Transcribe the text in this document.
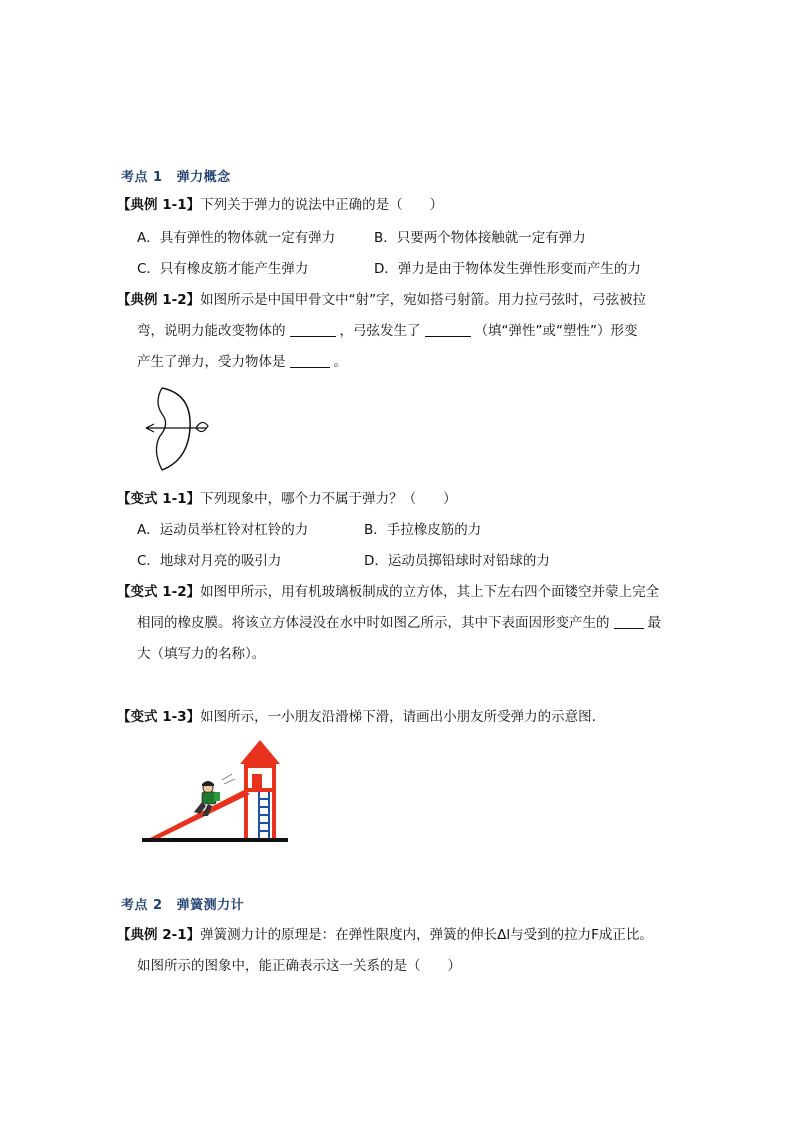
考点 1 弹力概念
【典例 1-1】下列关于弹力的说法中正确的是（　　）
A．具有弹性的物体就一定有弹力	B．只要两个物体接触就一定有弹力
C．只有橡皮筋才能产生弹力	D．弹力是由于物体发生弹性形变而产生的力
【典例 1-2】如图所示是中国甲骨文中“射”字，宛如搭弓射箭。用力拉弓弦时，弓弦被拉
弯，说明力能改变物体的	，弓弦发生了	（填“弹性”或“塑性”）形变
产生了弹力，受力物体是	。
【变式 1-1】下列现象中，哪个力不属于弹力？（　　）
A．运动员举杠铃对杠铃的力	B．手拉橡皮筋的力
C．地球对月亮的吸引力	D．运动员掷铅球时对铅球的力
【变式 1-2】如图甲所示，用有机玻璃板制成的立方体，其上下左右四个面镂空并蒙上完全
相同的橡皮膜。将该立方体浸没在水中时如图乙所示，其中下表面因形变产生的	最
大（填写力的名称）。
【变式 1-3】如图所示，一小朋友沿滑梯下滑，请画出小朋友所受弹力的示意图.
考点 2 弹簧测力计
【典例 2-1】弹簧测力计的原理是：在弹性限度内，弹簧的伸长Δl与受到的拉力F成正比。
如图所示的图象中，能正确表示这一关系的是（　　）
